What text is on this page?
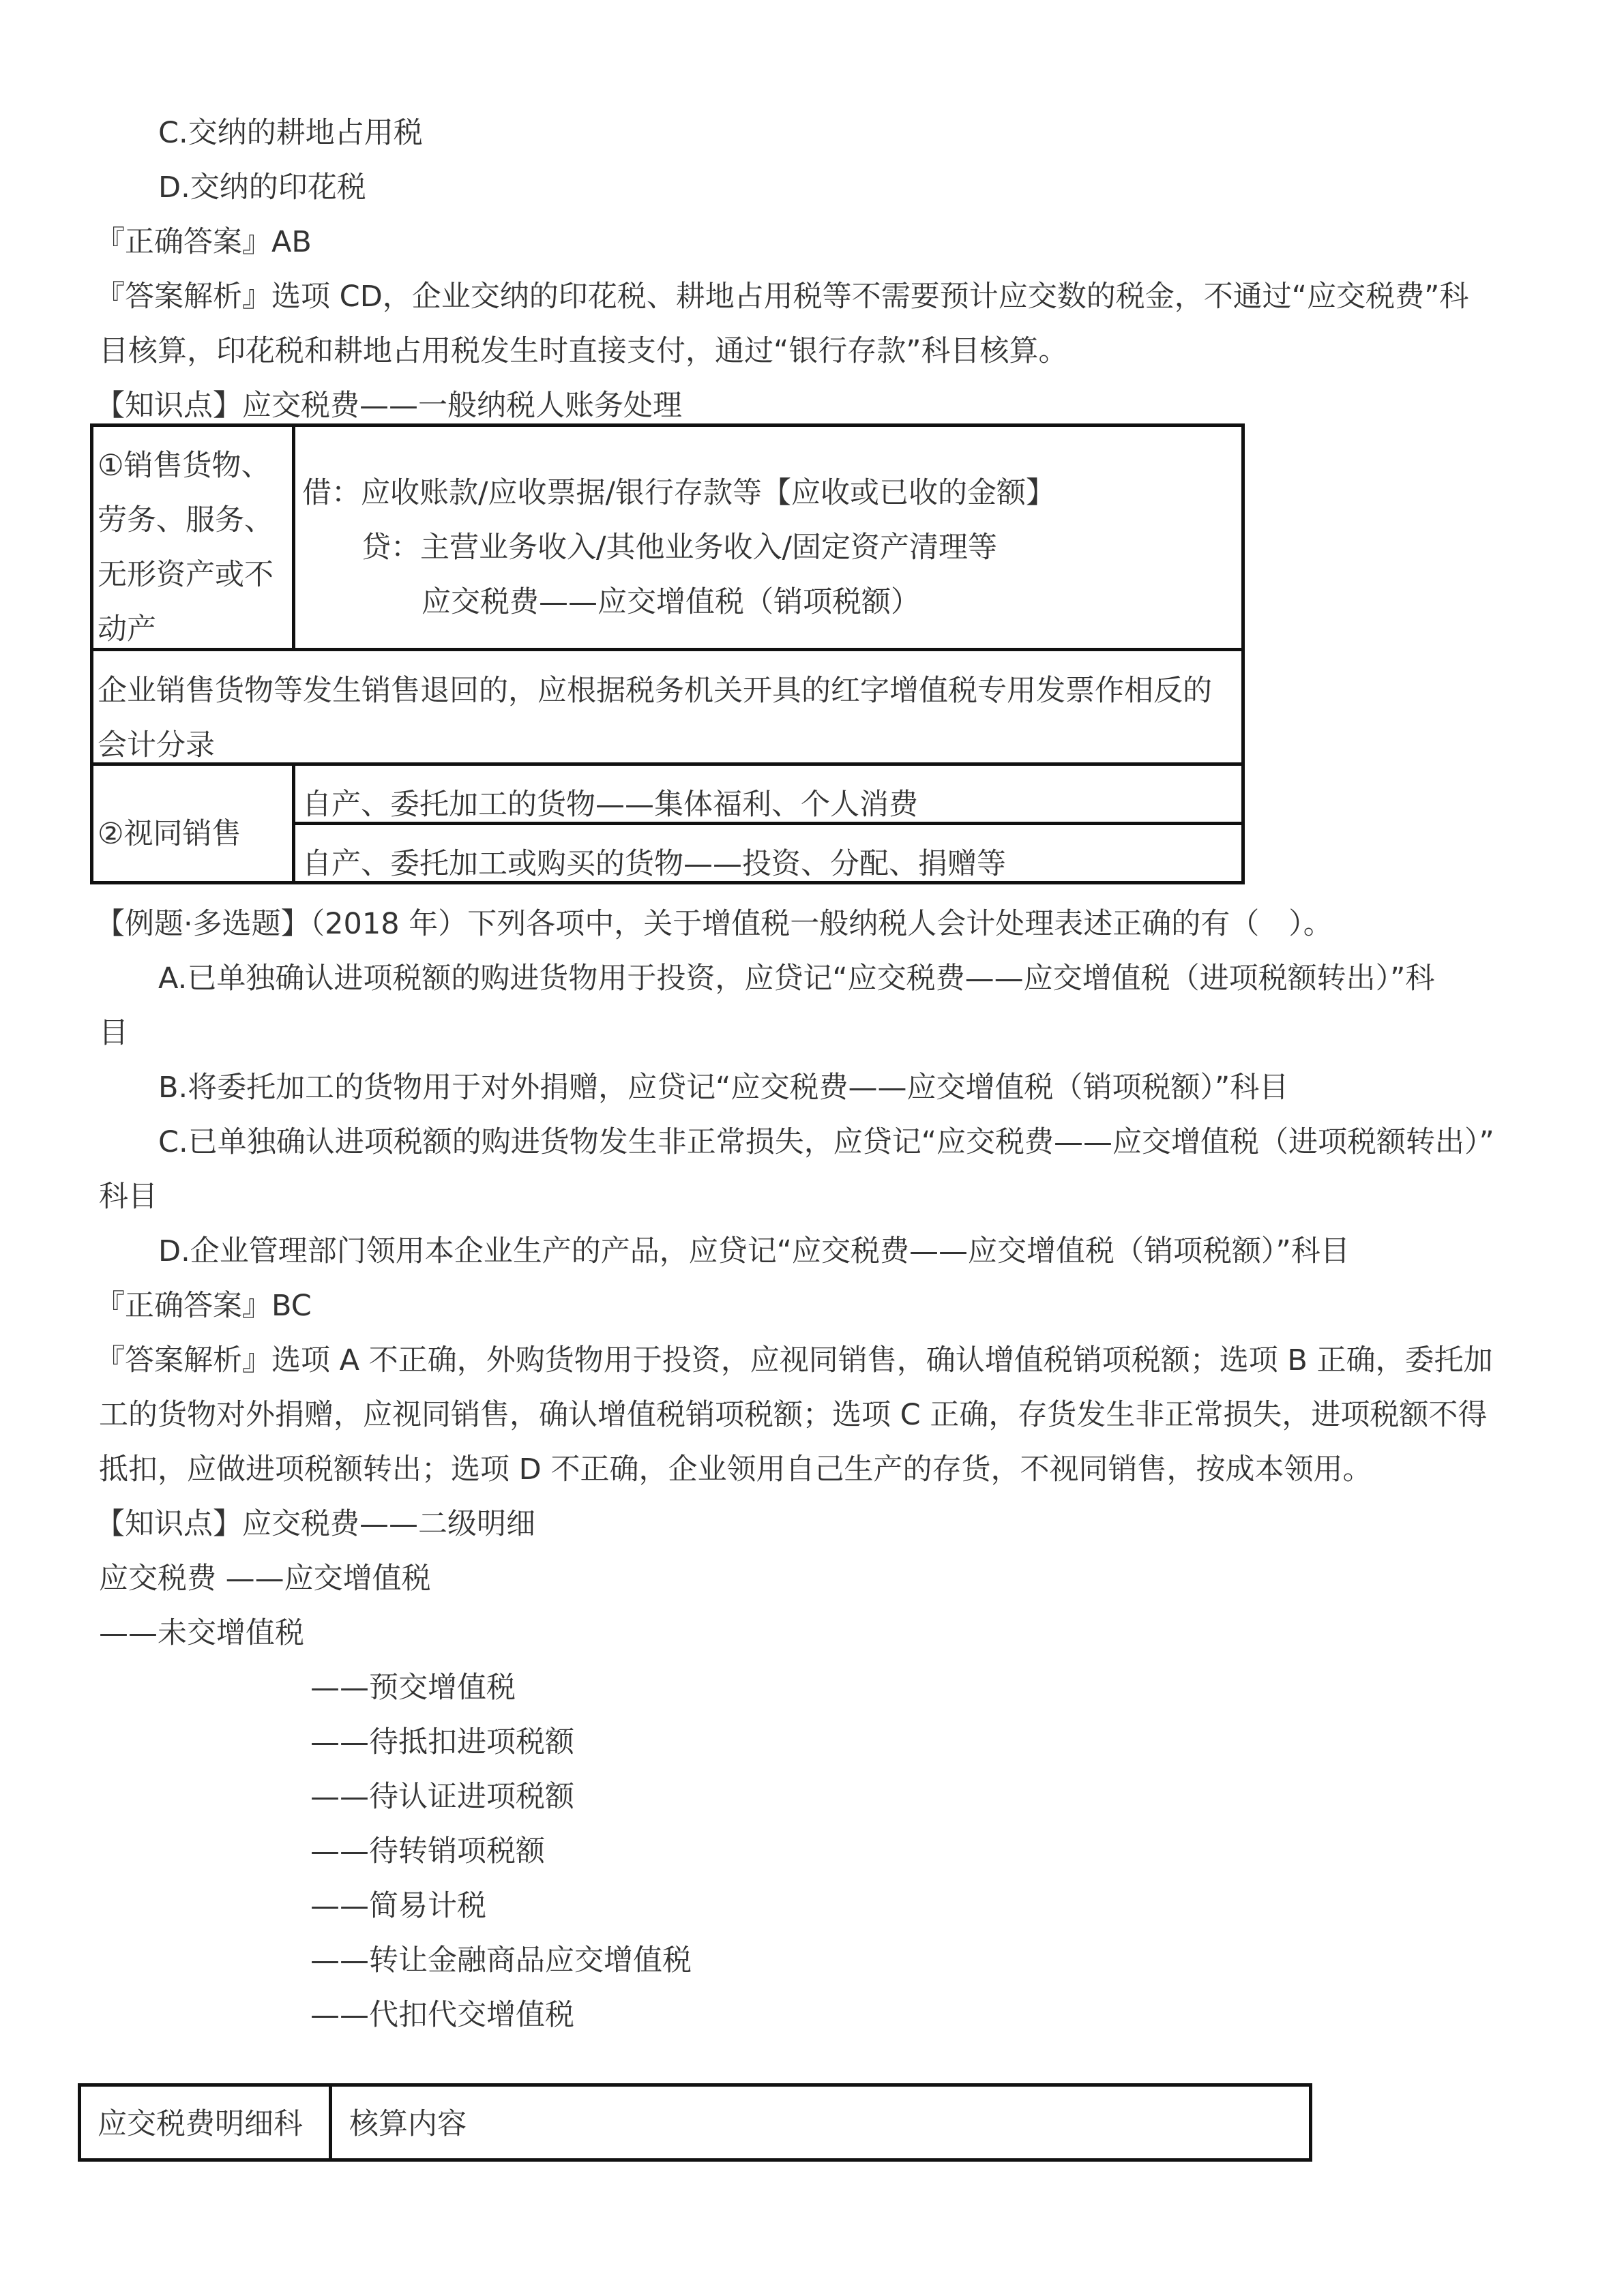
C.交纳的耕地占用税
D.交纳的印花税
『正确答案』AB
『答案解析』选项 CD，企业交纳的印花税、耕地占用税等不需要预计应交数的税金，不通过“应交税费”科
目核算，印花税和耕地占用税发生时直接支付，通过“银行存款”科目核算。
【知识点】应交税费——一般纳税人账务处理
①销售货物、
劳务、服务、
无形资产或不
动产
借：应收账款/应收票据/银行存款等【应收或已收的金额】
贷：主营业务收入/其他业务收入/固定资产清理等
应交税费——应交增值税（销项税额）
企业销售货物等发生销售退回的，应根据税务机关开具的红字增值税专用发票作相反的
会计分录
②视同销售
自产、委托加工的货物——集体福利、个人消费
自产、委托加工或购买的货物——投资、分配、捐赠等
【例题·多选题】（2018 年）下列各项中，关于增值税一般纳税人会计处理表述正确的有（　）。
A.已单独确认进项税额的购进货物用于投资，应贷记“应交税费——应交增值税（进项税额转出）”科
目
B.将委托加工的货物用于对外捐赠，应贷记“应交税费——应交增值税（销项税额）”科目
C.已单独确认进项税额的购进货物发生非正常损失，应贷记“应交税费——应交增值税（进项税额转出）”
科目
D.企业管理部门领用本企业生产的产品，应贷记“应交税费——应交增值税（销项税额）”科目
『正确答案』BC
『答案解析』选项 A 不正确，外购货物用于投资，应视同销售，确认增值税销项税额；选项 B 正确，委托加
工的货物对外捐赠，应视同销售，确认增值税销项税额；选项 C 正确，存货发生非正常损失，进项税额不得
抵扣，应做进项税额转出；选项 D 不正确，企业领用自己生产的存货，不视同销售，按成本领用。
【知识点】应交税费——二级明细
应交税费 ——应交增值税
——未交增值税
——预交增值税
——待抵扣进项税额
——待认证进项税额
——待转销项税额
——简易计税
——转让金融商品应交增值税
——代扣代交增值税
应交税费明细科 核算内容
